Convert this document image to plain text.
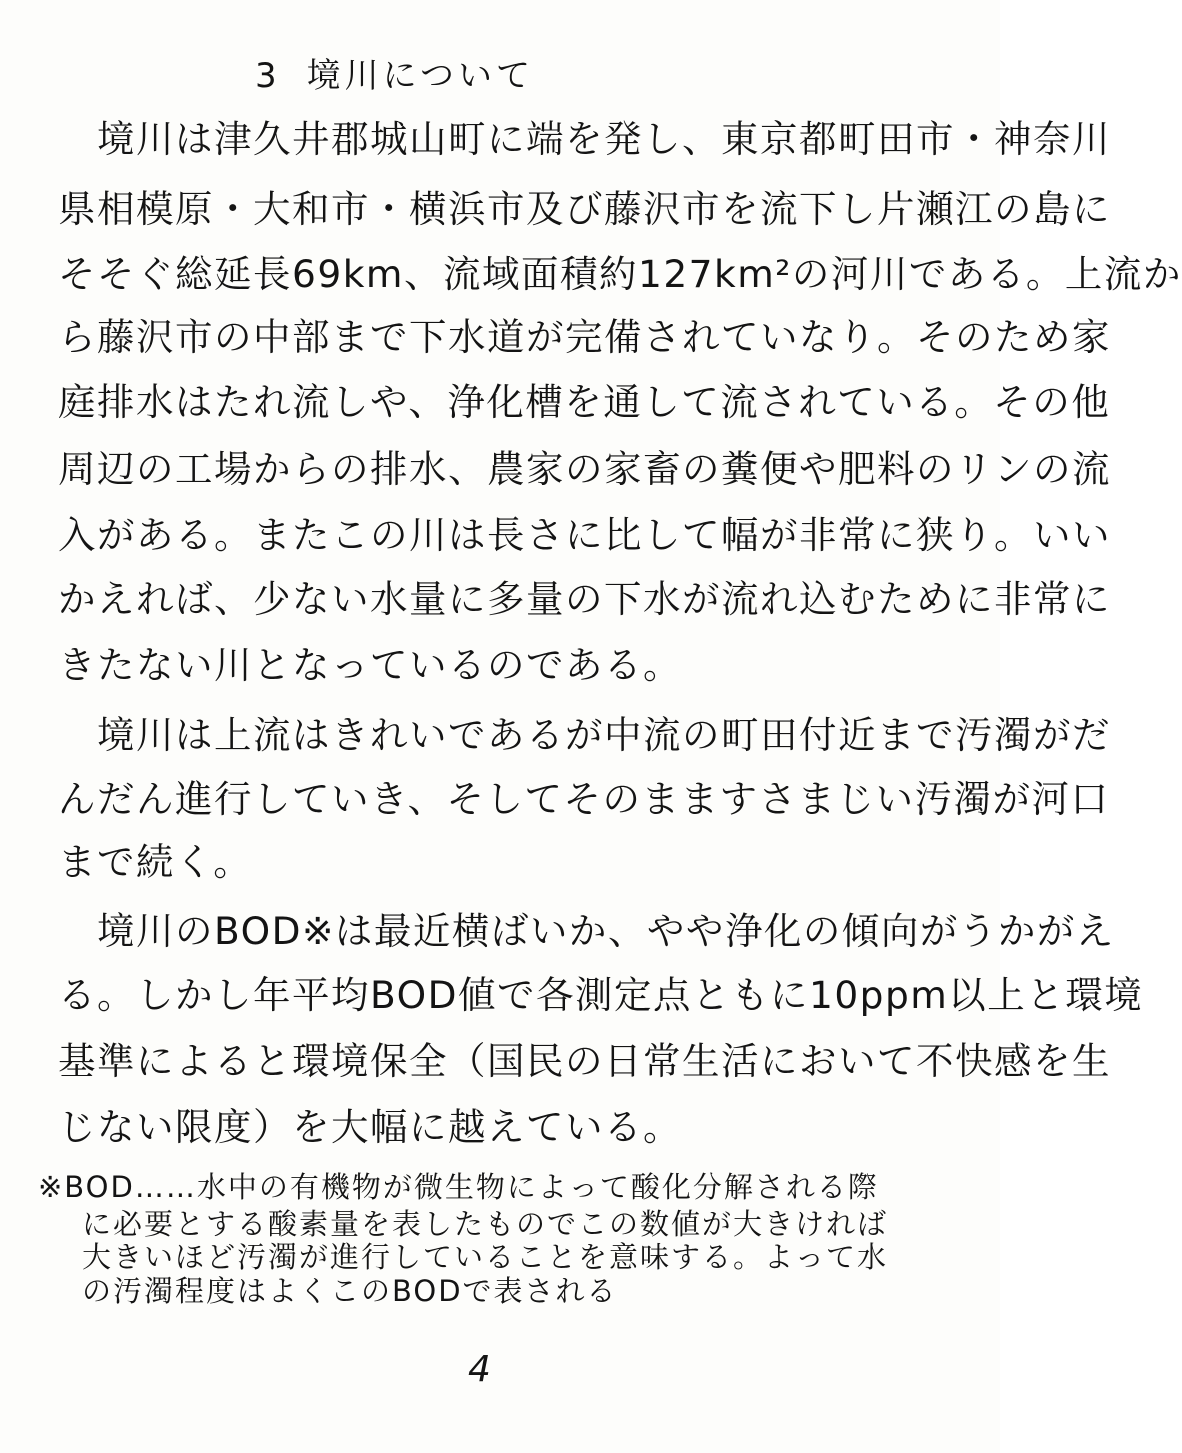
3 境川について
　境川は津久井郡城山町に端を発し、東京都町田市・神奈川
県相模原・大和市・横浜市及び藤沢市を流下し片瀬江の島に
そそぐ総延長69km、流域面積約127km²の河川である。上流か
ら藤沢市の中部まで下水道が完備されていなり。そのため家
庭排水はたれ流しや、浄化槽を通して流されている。その他
周辺の工場からの排水、農家の家畜の糞便や肥料のリンの流
入がある。またこの川は長さに比して幅が非常に狭り。いい
かえれば、少ない水量に多量の下水が流れ込むために非常に
きたない川となっているのである。
　境川は上流はきれいであるが中流の町田付近まで汚濁がだ
んだん進行していき、そしてそのまますさまじい汚濁が河口
まで続く。
　境川のBOD※は最近横ばいか、やや浄化の傾向がうかがえ
る。しかし年平均BOD値で各測定点ともに10ppm以上と環境
基準によると環境保全（国民の日常生活において不快感を生
じない限度）を大幅に越えている。
※BOD……水中の有機物が微生物によって酸化分解される際
に必要とする酸素量を表したものでこの数値が大きければ
大きいほど汚濁が進行していることを意味する。よって水
の汚濁程度はよくこのBODで表される
4
